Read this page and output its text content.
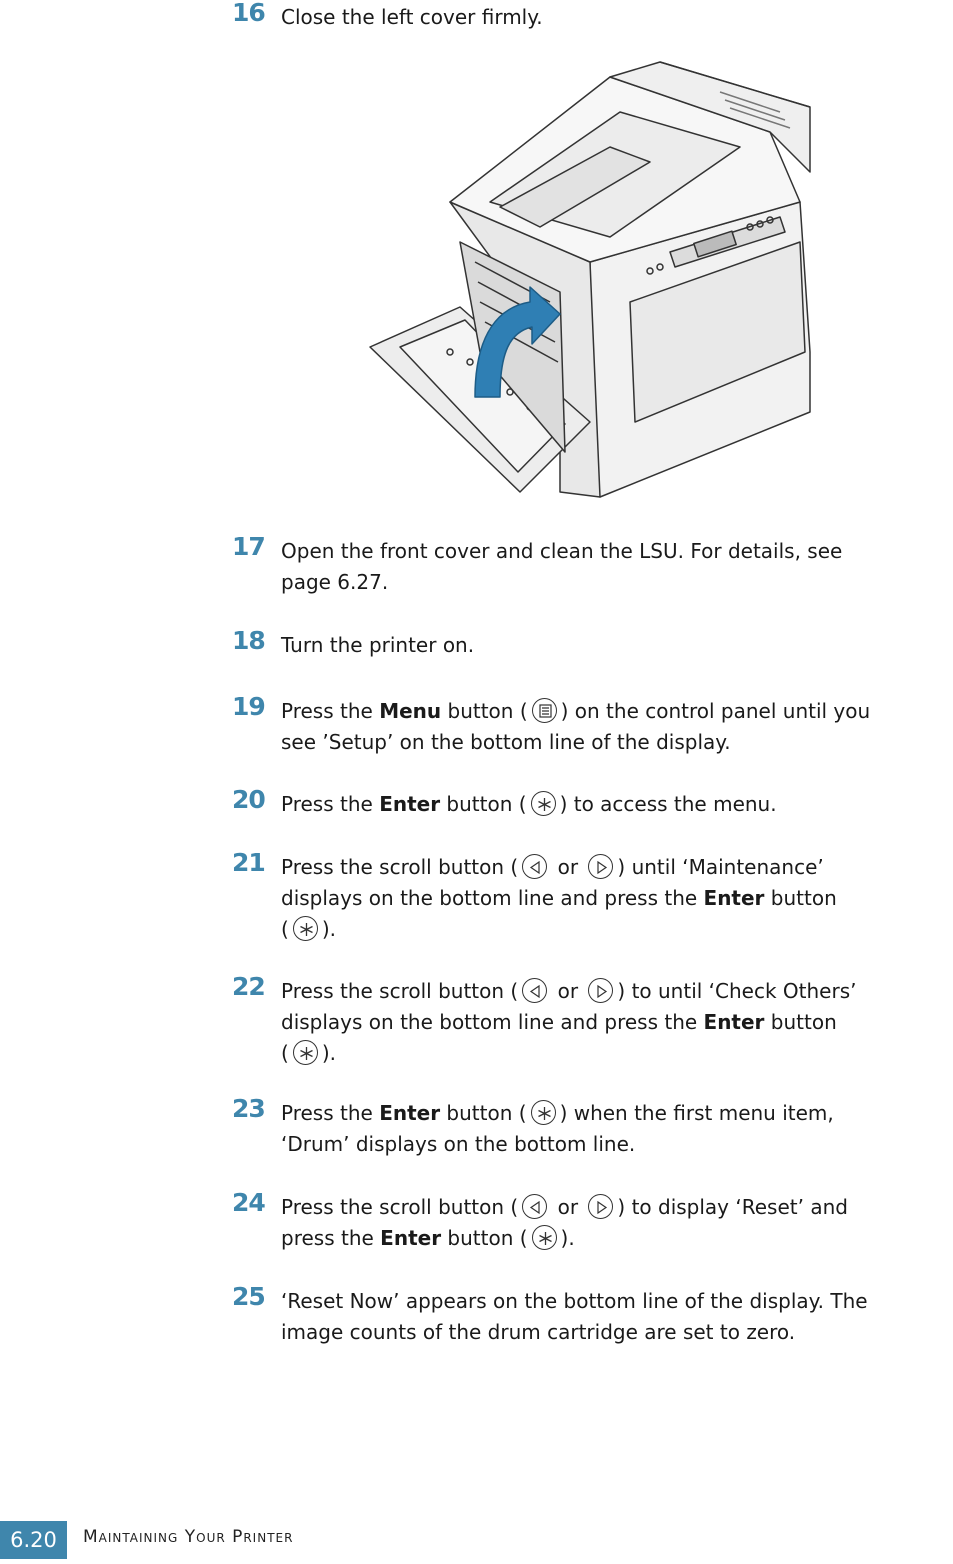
16 Close the left cover firmly.
17 Open the front cover and clean the LSU. For details, see
page 6.27.
18 Turn the printer on.
19 Press the Menu button ( ) on the control panel until you
see ’Setup’ on the bottom line of the display.
20 Press the Enter button ( ) to access the menu.
21 Press the scroll button ( or ) until ‘Maintenance’
displays on the bottom line and press the Enter button
( ).
22 Press the scroll button ( or ) to until ‘Check Others’
displays on the bottom line and press the Enter button
( ).
23 Press the Enter button ( ) when the first menu item,
‘Drum’ displays on the bottom line.
24 Press the scroll button ( or ) to display ‘Reset’ and
press the Enter button ( ).
25 ‘Reset Now’ appears on the bottom line of the display. The
image counts of the drum cartridge are set to zero.
6.20	Maintaining Your Printer
